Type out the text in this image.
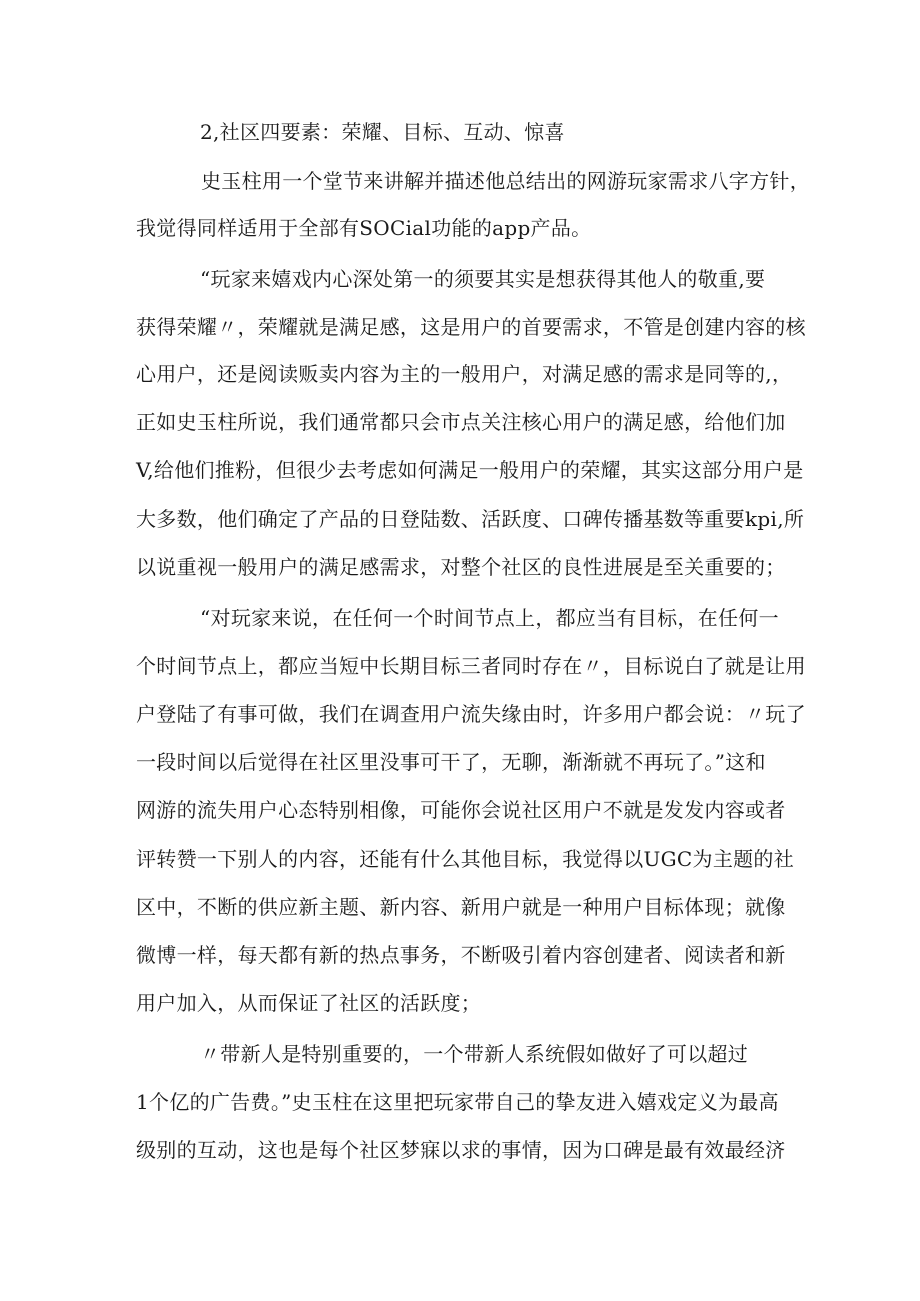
2,社区四要素：荣耀、目标、互动、惊喜
史玉柱用一个堂节来讲解并描述他总结出的网游玩家需求八字方针，
我觉得同样适用于全部有SOCial功能的app产品。
“玩家来嬉戏内心深处第一的须要其实是想获得其他人的敬重,要
获得荣耀〃，荣耀就是满足感，这是用户的首要需求，不管是创建内容的核
心用户，还是阅读贩卖内容为主的一般用户，对满足感的需求是同等的,，
正如史玉柱所说，我们通常都只会市点关注核心用户的满足感，给他们加
V,给他们推粉，但很少去考虑如何满足一般用户的荣耀，其实这部分用户是
大多数，他们确定了产品的日登陆数、活跃度、口碑传播基数等重要kpi,所
以说重视一般用户的满足感需求，对整个社区的良性进展是至关重要的；
“对玩家来说，在任何一个时间节点上，都应当有目标，在任何一
个时间节点上，都应当短中长期目标三者同时存在〃，目标说白了就是让用
户登陆了有事可做，我们在调查用户流失缘由时，许多用户都会说：〃玩了
一段时间以后觉得在社区里没事可干了，无聊，渐渐就不再玩了。”这和
网游的流失用户心态特别相像，可能你会说社区用户不就是发发内容或者
评转赞一下别人的内容，还能有什么其他目标，我觉得以UGC为主题的社
区中，不断的供应新主题、新内容、新用户就是一种用户目标体现；就像
微博一样，每天都有新的热点事务，不断吸引着内容创建者、阅读者和新
用户加入，从而保证了社区的活跃度；
〃带新人是特别重要的，一个带新人系统假如做好了可以超过
1个亿的广告费。”史玉柱在这里把玩家带自己的挚友进入嬉戏定义为最高
级别的互动，这也是每个社区梦寐以求的事情，因为口碑是最有效最经济
